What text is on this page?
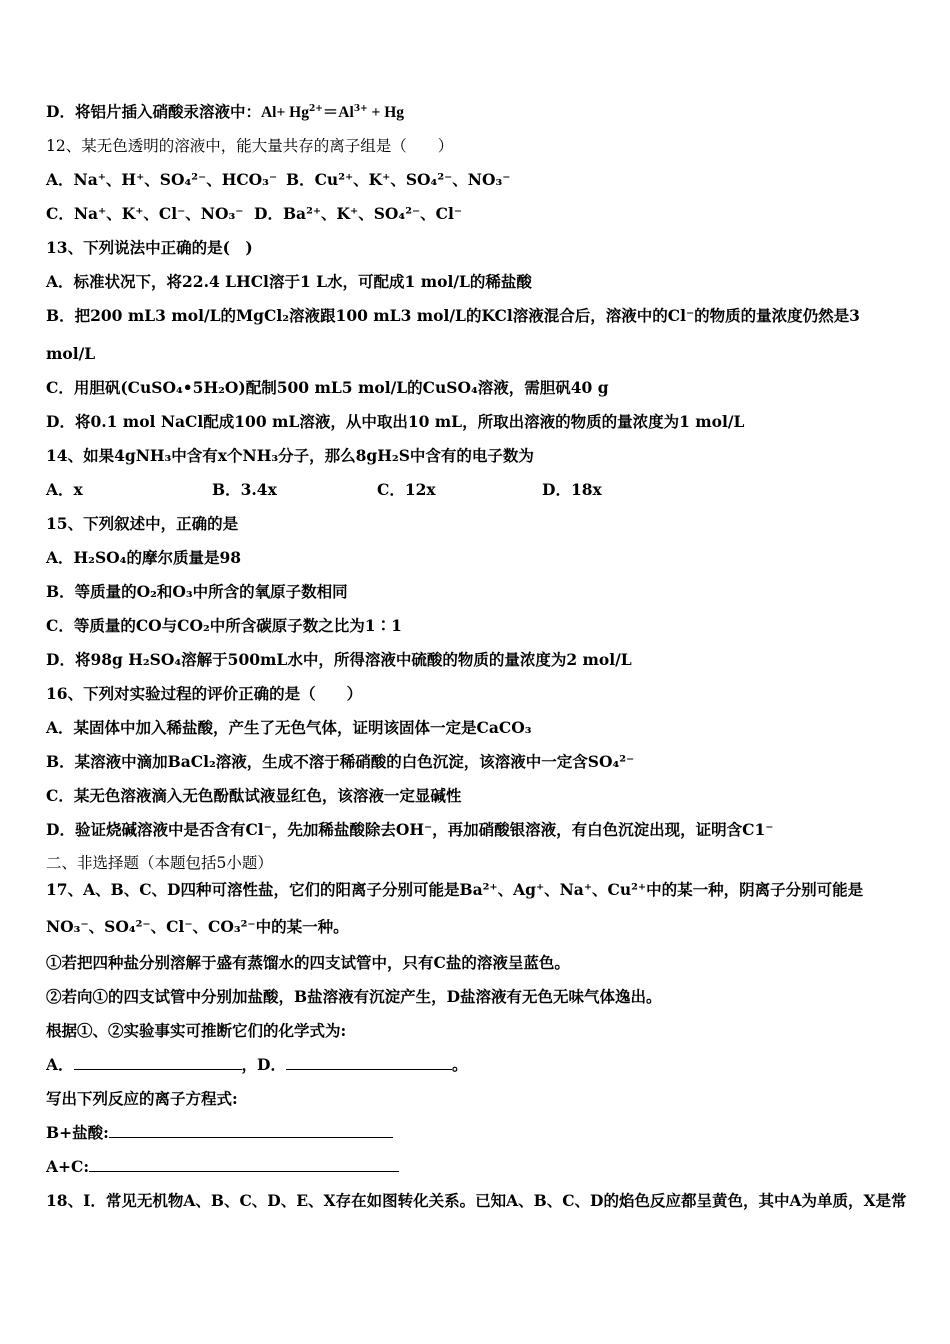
D．将铝片插入硝酸汞溶液中：$Al+ Hg^{2+}=Al^{3+} + Hg$
12、某无色透明的溶液中，能大量共存的离子组是（　　）
A．Na⁺、H⁺、SO₄²⁻、HCO₃⁻ B．Cu²⁺、K⁺、SO₄²⁻、NO₃⁻
C．Na⁺、K⁺、Cl⁻、NO₃⁻ D．Ba²⁺、K⁺、SO₄²⁻、Cl⁻
13、下列说法中正确的是(　)
A．标准状况下，将22.4 LHCl溶于1 L水，可配成1 mol/L的稀盐酸
B．把200 mL3 mol/L的MgCl₂溶液跟100 mL3 mol/L的KCl溶液混合后，溶液中的Cl⁻的物质的量浓度仍然是3
mol/L
C．用胆矾(CuSO₄•5H₂O)配制500 mL5 mol/L的CuSO₄溶液，需胆矾40 g
D．将0.1 mol NaCl配成100 mL溶液，从中取出10 mL，所取出溶液的物质的量浓度为1 mol/L
14、如果4gNH₃中含有x个NH₃分子，那么8gH₂S中含有的电子数为
A．x	B．3.4x	C．12x	D．18x
15、下列叙述中，正确的是
A．H₂SO₄的摩尔质量是98
B．等质量的O₂和O₃中所含的氧原子数相同
C．等质量的CO与CO₂中所含碳原子数之比为1∶1
D．将98g H₂SO₄溶解于500mL水中，所得溶液中硫酸的物质的量浓度为2 mol/L
16、下列对实验过程的评价正确的是（　　）
A．某固体中加入稀盐酸，产生了无色气体，证明该固体一定是CaCO₃
B．某溶液中滴加BaCl₂溶液，生成不溶于稀硝酸的白色沉淀，该溶液中一定含SO₄²⁻
C．某无色溶液滴入无色酚酞试液显红色，该溶液一定显碱性
D．验证烧碱溶液中是否含有Cl⁻，先加稀盐酸除去OH⁻，再加硝酸银溶液，有白色沉淀出现，证明含C1⁻
二、非选择题（本题包括5小题）
17、A、B、C、D四种可溶性盐，它们的阳离子分别可能是Ba²⁺、Ag⁺、Na⁺、Cu²⁺中的某一种，阴离子分别可能是
NO₃⁻、SO₄²⁻、Cl⁻、CO₃²⁻中的某一种。
①若把四种盐分别溶解于盛有蒸馏水的四支试管中，只有C盐的溶液呈蓝色。
②若向①的四支试管中分别加盐酸，B盐溶液有沉淀产生，D盐溶液有无色无味气体逸出。
根据①、②实验事实可推断它们的化学式为:
A．	，D．	。
写出下列反应的离子方程式:
B+盐酸:
A+C:
18、I．常见无机物A、B、C、D、E、X存在如图转化关系。已知A、B、C、D的焰色反应都呈黄色，其中A为单质，X是常
